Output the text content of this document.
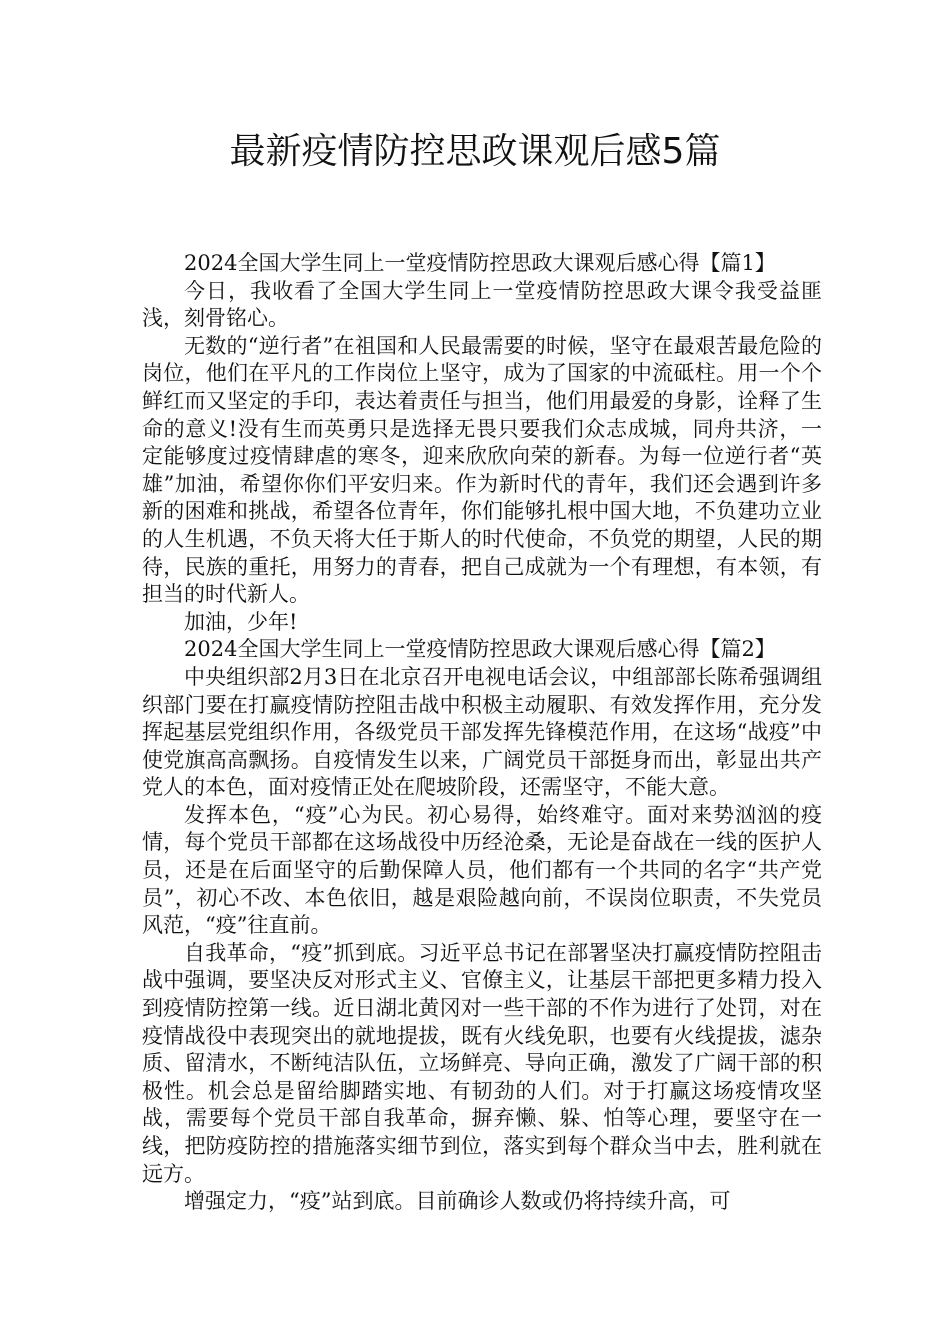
最新疫情防控思政课观后感5篇

2024全国大学生同上一堂疫情防控思政大课观后感心得【篇1】

今日，我收看了全国大学生同上一堂疫情防控思政大课令我受益匪浅，刻骨铭心。

无数的“逆行者”在祖国和人民最需要的时候，坚守在最艰苦最危险的岗位，他们在平凡的工作岗位上坚守，成为了国家的中流砥柱。用一个个鲜红而又坚定的手印，表达着责任与担当，他们用最爱的身影，诠释了生命的意义!没有生而英勇只是选择无畏只要我们众志成城，同舟共济，一定能够度过疫情肆虐的寒冬，迎来欣欣向荣的新春。为每一位逆行者“英雄”加油，希望你你们平安归来。作为新时代的青年，我们还会遇到许多新的困难和挑战，希望各位青年，你们能够扎根中国大地，不负建功立业的人生机遇，不负天将大任于斯人的时代使命，不负党的期望，人民的期待，民族的重托，用努力的青春，把自己成就为一个有理想，有本领，有担当的时代新人。

加油，少年!

2024全国大学生同上一堂疫情防控思政大课观后感心得【篇2】

中央组织部2月3日在北京召开电视电话会议，中组部部长陈希强调组织部门要在打赢疫情防控阻击战中积极主动履职、有效发挥作用，充分发挥起基层党组织作用，各级党员干部发挥先锋模范作用，在这场“战疫”中使党旗高高飘扬。自疫情发生以来，广阔党员干部挺身而出，彰显出共产党人的本色，面对疫情正处在爬坡阶段，还需坚守，不能大意。

发挥本色，“疫”心为民。初心易得，始终难守。面对来势汹汹的疫情，每个党员干部都在这场战役中历经沧桑，无论是奋战在一线的医护人员，还是在后面坚守的后勤保障人员，他们都有一个共同的名字“共产党员”，初心不改、本色依旧，越是艰险越向前，不误岗位职责，不失党员风范，“疫”往直前。

自我革命，“疫”抓到底。习近平总书记在部署坚决打赢疫情防控阻击战中强调，要坚决反对形式主义、官僚主义，让基层干部把更多精力投入到疫情防控第一线。近日湖北黄冈对一些干部的不作为进行了处罚，对在疫情战役中表现突出的就地提拔，既有火线免职，也要有火线提拔，滤杂质、留清水，不断纯洁队伍，立场鲜亮、导向正确，激发了广阔干部的积极性。机会总是留给脚踏实地、有韧劲的人们。对于打赢这场疫情攻坚战，需要每个党员干部自我革命，摒弃懒、躲、怕等心理，要坚守在一线，把防疫防控的措施落实细节到位，落实到每个群众当中去，胜利就在远方。

增强定力，“疫”站到底。目前确诊人数或仍将持续升高，可
